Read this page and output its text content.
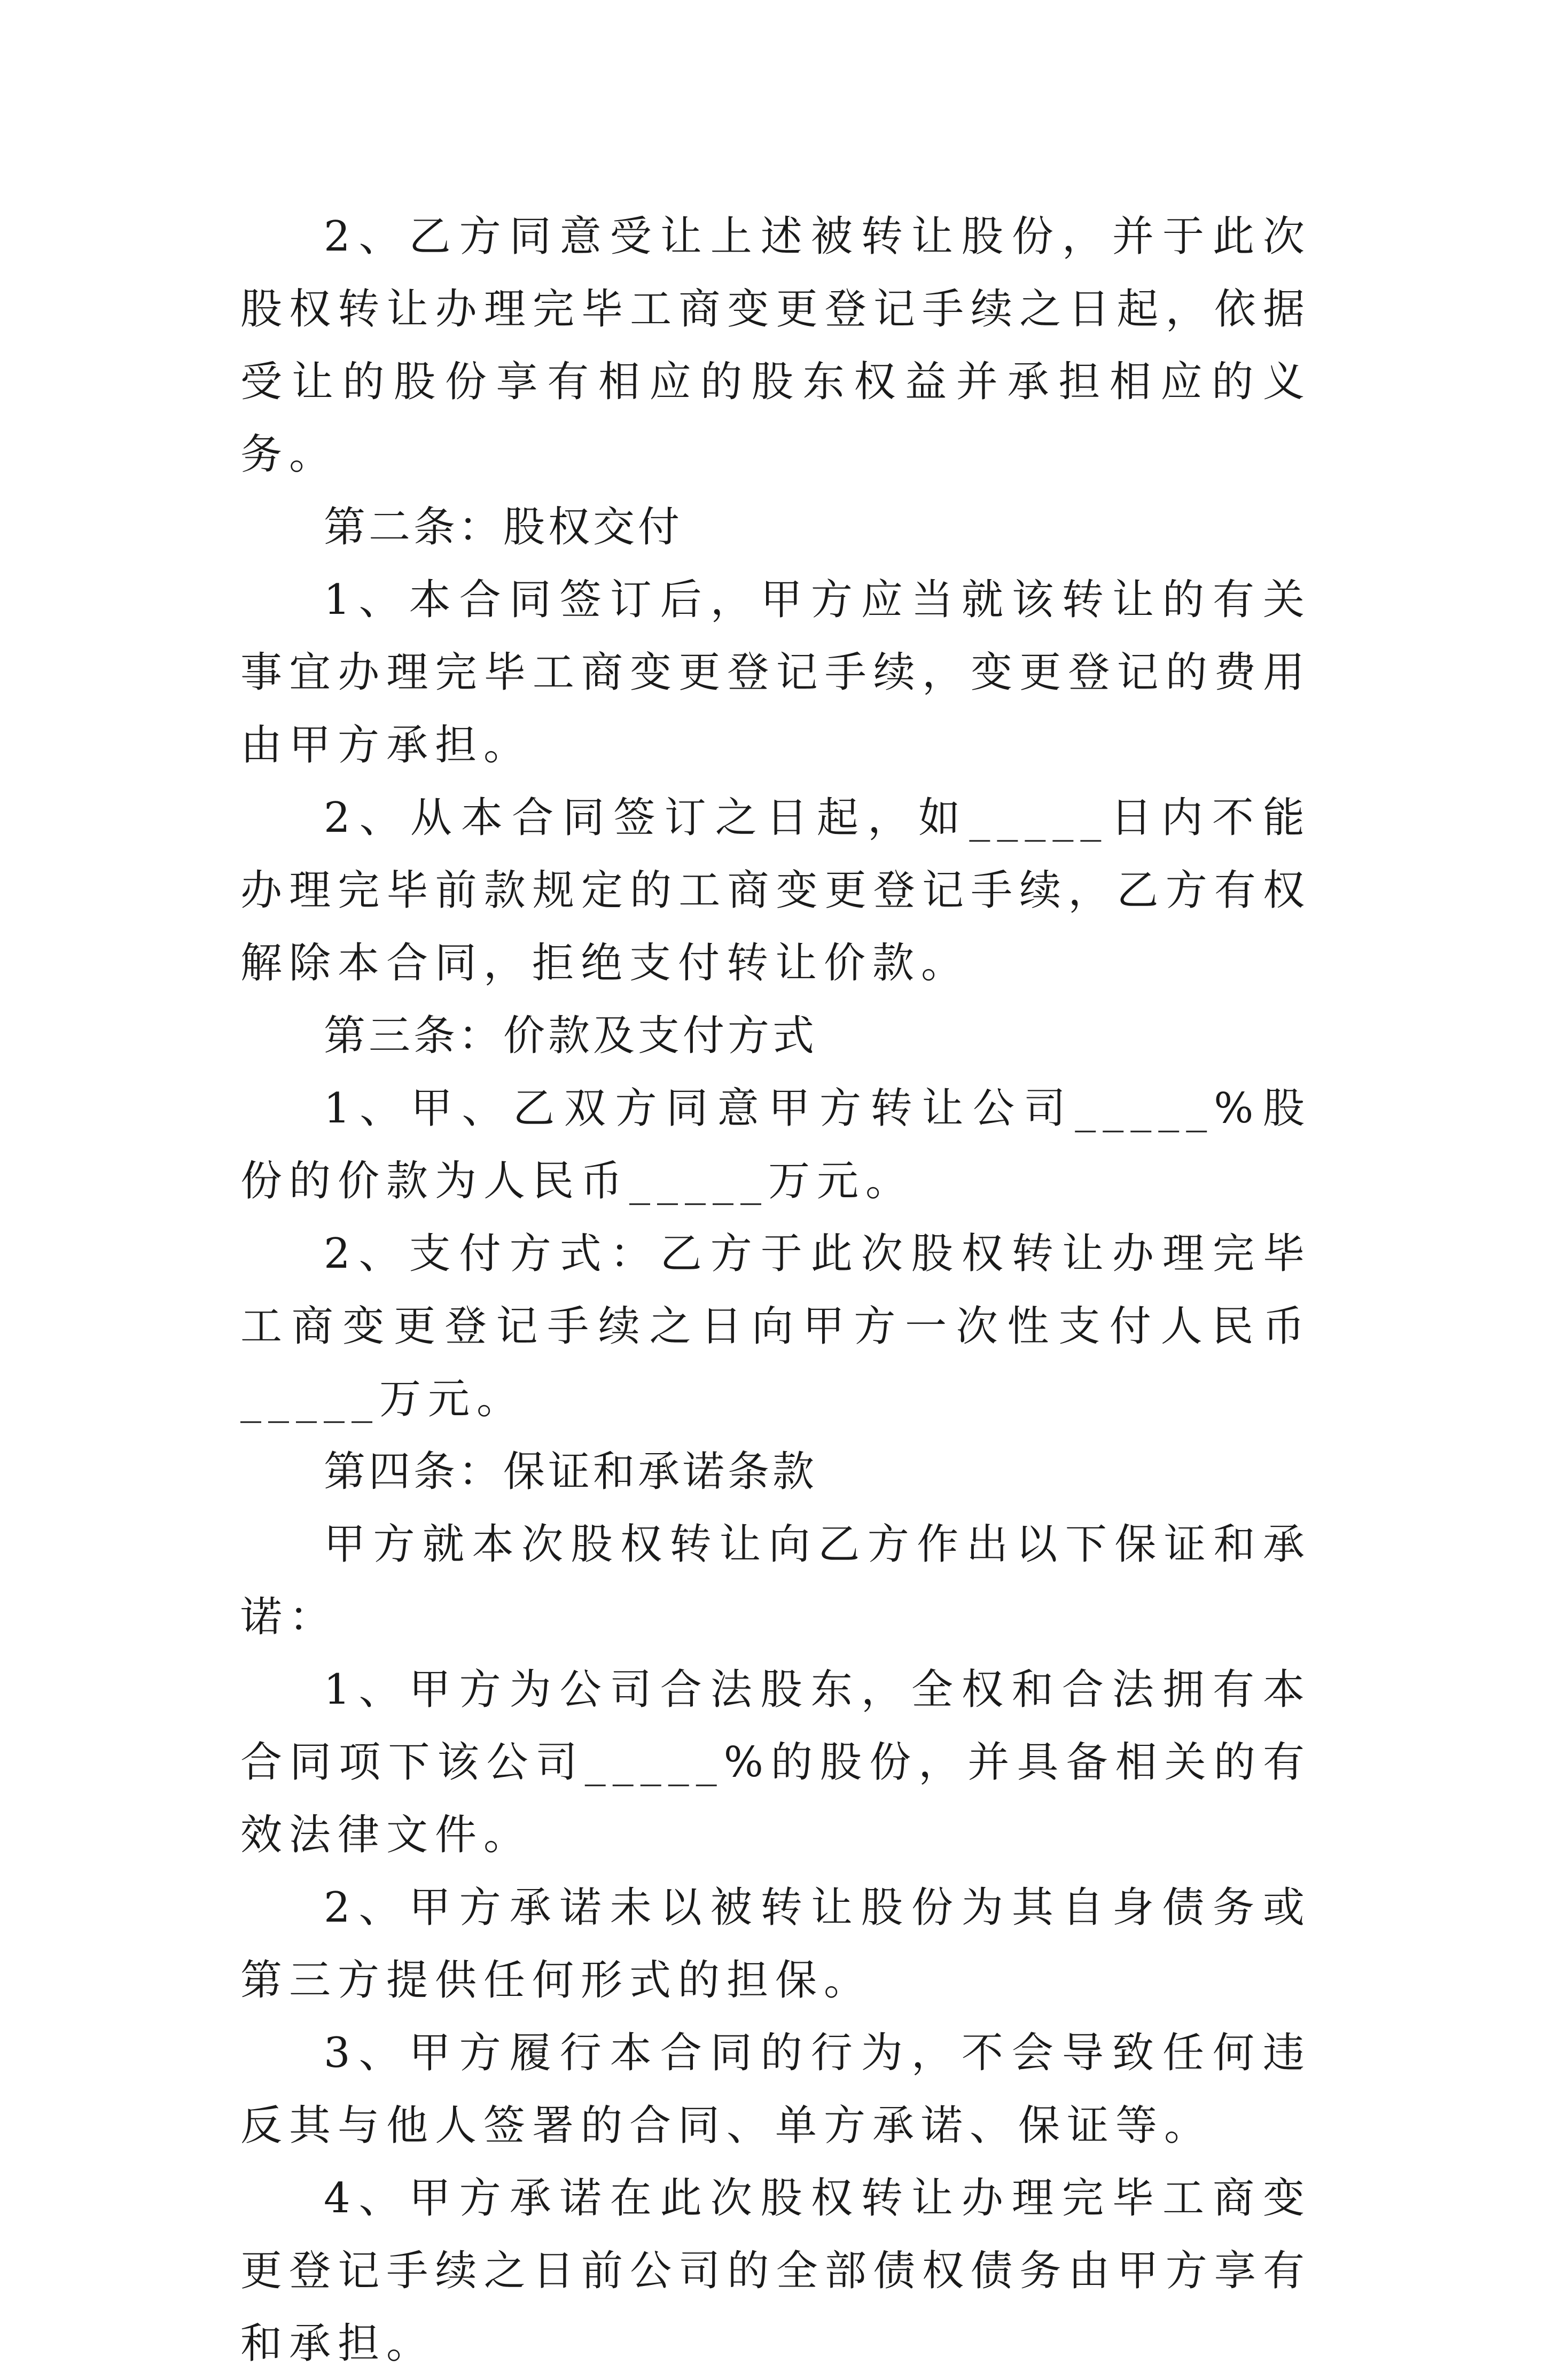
2、乙方同意受让上述被转让股份，并于此次股权转让办理完毕工商变更登记手续之日起，依据受让的股份享有相应的股东权益并承担相应的义务。

第二条：股权交付

1、本合同签订后，甲方应当就该转让的有关事宜办理完毕工商变更登记手续，变更登记的费用由甲方承担。

2、从本合同签订之日起，如_____日内不能办理完毕前款规定的工商变更登记手续，乙方有权解除本合同，拒绝支付转让价款。

第三条：价款及支付方式

1、甲、乙双方同意甲方转让公司_____%股份的价款为人民币_____万元。

2、支付方式：乙方于此次股权转让办理完毕工商变更登记手续之日向甲方一次性支付人民币_____万元。

第四条：保证和承诺条款

甲方就本次股权转让向乙方作出以下保证和承诺：

1、甲方为公司合法股东，全权和合法拥有本合同项下该公司_____%的股份，并具备相关的有效法律文件。

2、甲方承诺未以被转让股份为其自身债务或第三方提供任何形式的担保。

3、甲方履行本合同的行为，不会导致任何违反其与他人签署的合同、单方承诺、保证等。

4、甲方承诺在此次股权转让办理完毕工商变更登记手续之日前公司的全部债权债务由甲方享有和承担。
